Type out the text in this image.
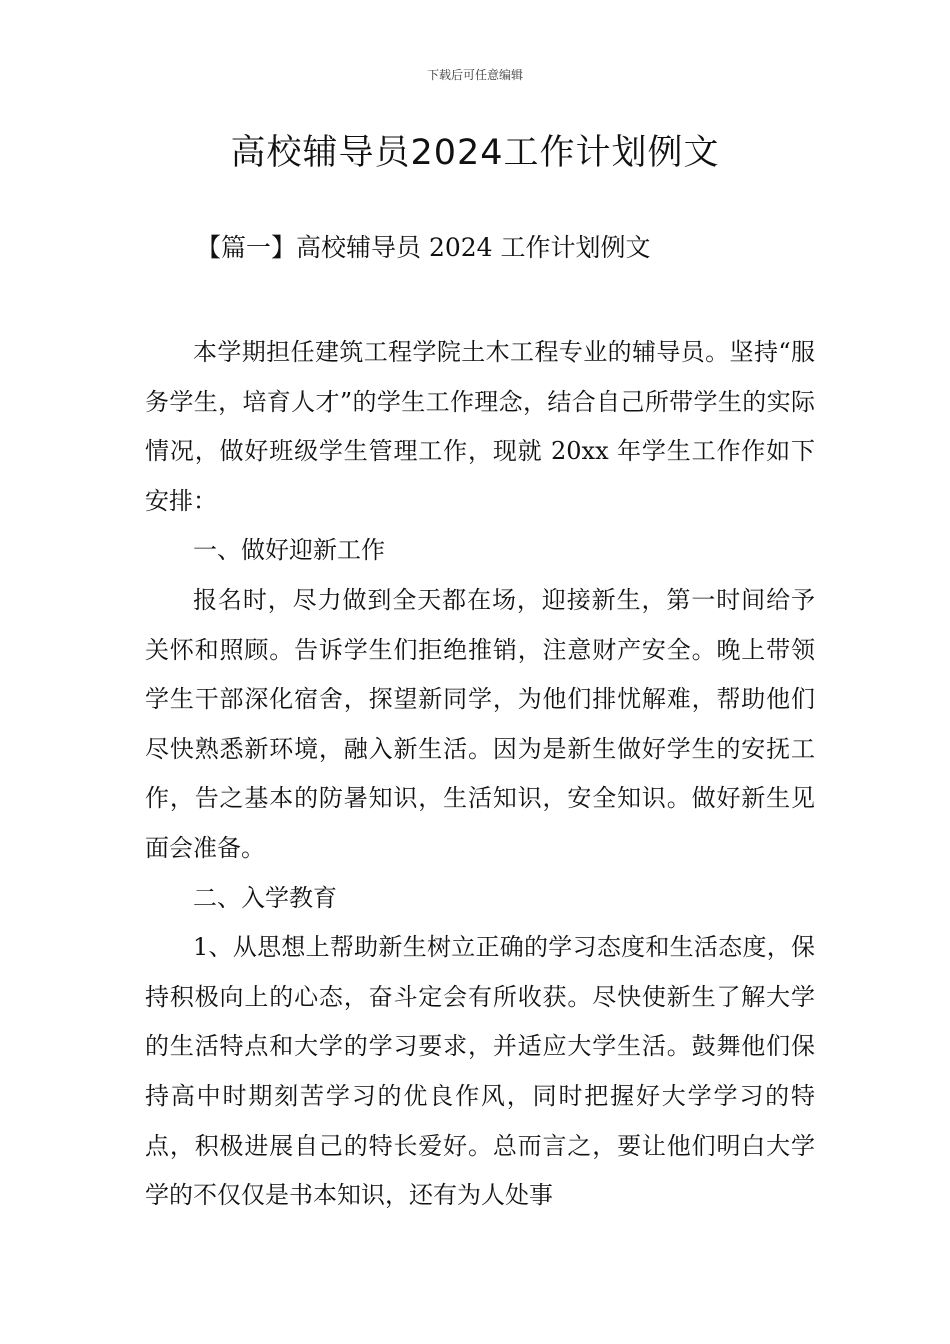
下载后可任意编辑
高校辅导员2024工作计划例文
【篇一】高校辅导员 2024 工作计划例文

本学期担任建筑工程学院土木工程专业的辅导员。坚持“服务学生，培育人才”的学生工作理念，结合自己所带学生的实际情况，做好班级学生管理工作，现就 20xx 年学生工作作如下安排：

一、做好迎新工作

报名时，尽力做到全天都在场，迎接新生，第一时间给予关怀和照顾。告诉学生们拒绝推销，注意财产安全。晚上带领学生干部深化宿舍，探望新同学，为他们排忧解难，帮助他们尽快熟悉新环境，融入新生活。因为是新生做好学生的安抚工作，告之基本的防暑知识，生活知识，安全知识。做好新生见面会准备。

二、入学教育

1、从思想上帮助新生树立正确的学习态度和生活态度，保持积极向上的心态，奋斗定会有所收获。尽快使新生了解大学的生活特点和大学的学习要求，并适应大学生活。鼓舞他们保持高中时期刻苦学习的优良作风，同时把握好大学学习的特点，积极进展自己的特长爱好。总而言之，要让他们明白大学学的不仅仅是书本知识，还有为人处事
